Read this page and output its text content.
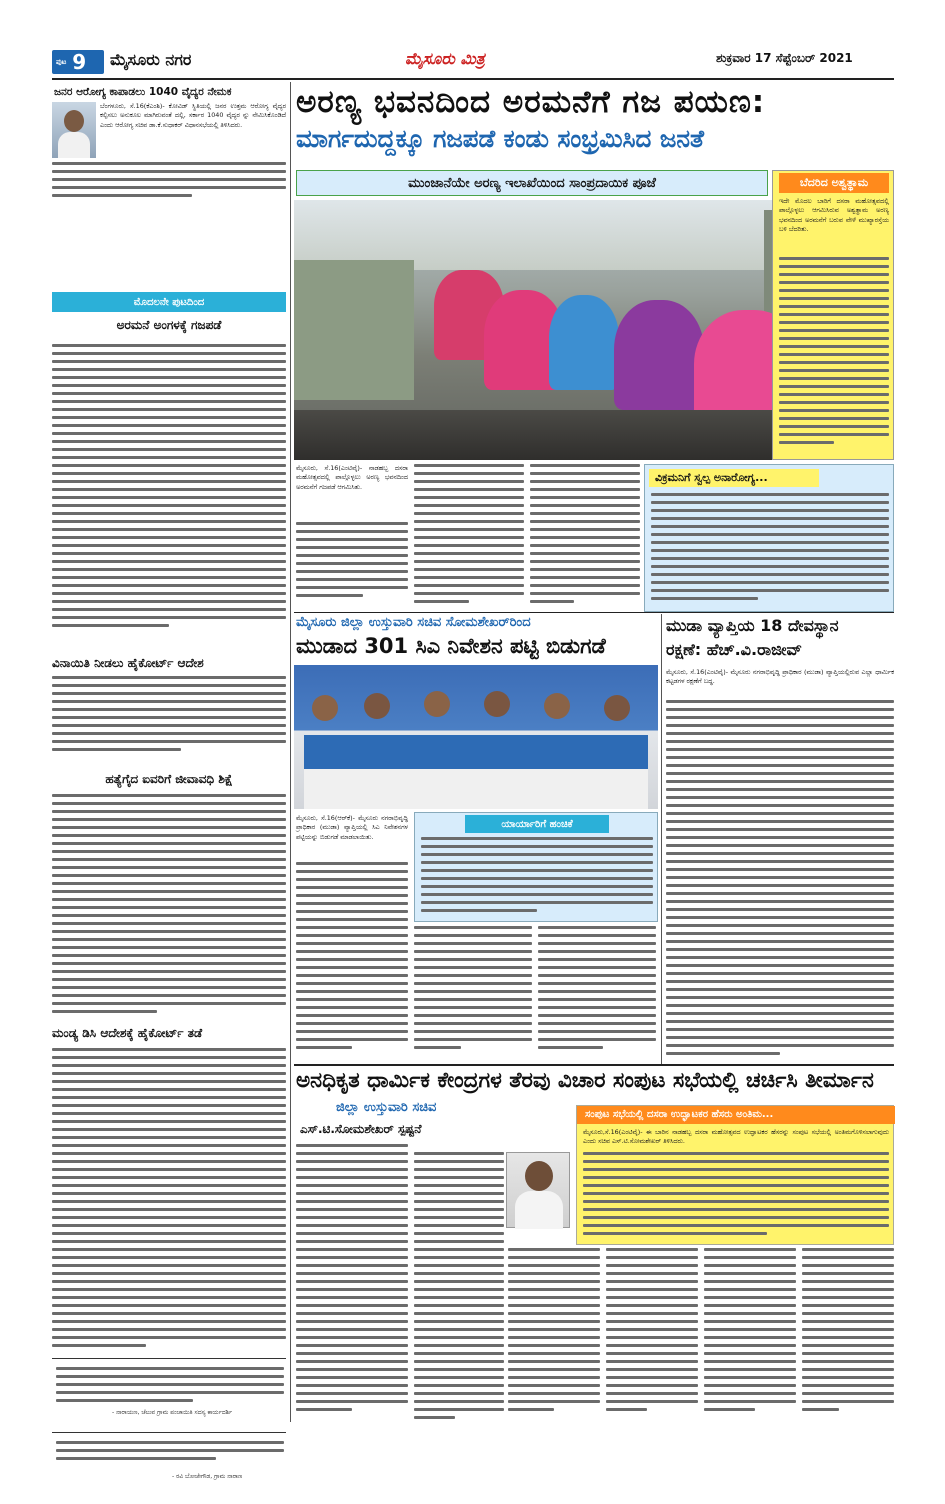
ಪುಟ 9 ಮೈಸೂರು ನಗರ	ಮೈಸೂರು ಮಿತ್ರ	ಶುಕ್ರವಾರ 17 ಸೆಪ್ಟೆಂಬರ್ 2021
ಜನರ ಆರೋಗ್ಯ ಕಾಪಾಡಲು 1040 ವೈದ್ಯರ ನೇಮಕ
ಬೆಂಗಳೂರು, ಸೆ.16(ಕೆಎಂಶಿ)- ಕೋವಿಡ್ ಸ್ಥಿತಿಯಲ್ಲಿ ಜನರ ಉತ್ತಮ ಆರೋಗ್ಯ ವೈದ್ಯರ ಕಲ್ಪಿಸಲು ಅನುಕೂಲ ಮಾಗಿರುವಂತೆ ದಲ್ಲಿ, ಸರ್ಕಾರ 1040 ವೈದ್ಯರ ನ್ನು ನೇಮಿಸಿಕೊಂಡಿದೆ ಎಂದು ಆರೋಗ್ಯ ಸಚಿವ ಡಾ.ಕೆ.ಸುಧಾಕರ್ ವಿಧಾನಸಭೆಯಲ್ಲಿ ತಿಳಿಸಿದರು.
ಮೊದಲನೇ ಪುಟದಿಂದ
ಅರಮನೆ ಅಂಗಳಕ್ಕೆ ಗಜಪಡೆ
ವಿನಾಯಿತಿ ನೀಡಲು ಹೈಕೋರ್ಟ್ ಆದೇಶ
ಹತ್ಯೆಗೈದ ಐವರಿಗೆ ಜೀವಾವಧಿ ಶಿಕ್ಷೆ
ಮಂಡ್ಯ ಡಿಸಿ ಆದೇಶಕ್ಕೆ ಹೈಕೋರ್ಟ್ ತಡೆ
- ನಾರಾಯಣ, ಚೆಲುವ ಗ್ರಾಮ ಪಂಚಾಯಿತಿ ಸದಸ್ಯ ಕಾರ್ಯದರ್ಶಿ
- ರವಿ ಬೋಜೇಗೌಡ, ಗ್ರಾಮ ನಾರಾಣ
ಅರಣ್ಯ ಭವನದಿಂದ ಅರಮನೆಗೆ ಗಜ ಪಯಣ:
ಮಾರ್ಗದುದ್ದಕ್ಕೂ ಗಜಪಡೆ ಕಂಡು ಸಂಭ್ರಮಿಸಿದ ಜನತೆ
ಮುಂಜಾನೆಯೇ ಅರಣ್ಯ ಇಲಾಖೆಯಿಂದ ಸಾಂಪ್ರದಾಯಿಕ ಪೂಜೆ
ಮೈಸೂರು, ಸೆ.16(ಎಂಟಿವೈ)- ನಾಡಹಬ್ಬ ದಸರಾ ಮಹೋತ್ಸವದಲ್ಲಿ ಪಾಲ್ಗೊಳ್ಳಲು ಅರಣ್ಯ ಭವನದಿಂದ ಅರಮನೆಗೆ ಗಜಪಡೆ ಆಗಮಿಸಿತು.
ಬೆದರಿದ ಅಶ್ವತ್ಥಾಮ
ಇದೇ ಮೊದಲ ಬಾರಿಗೆ ದಸರಾ ಮಹೋತ್ಸವದಲ್ಲಿ ಪಾಲ್ಗೊಳ್ಳಲು ಆಗಮಿಸಿರುವ ಅಶ್ವತ್ಥಾಮ ಅರಣ್ಯ ಭವನದಿಂದ ಅರಮನೆಗೆ ಬರುವ ವೇಳೆ ಮುಖ್ಯಾರಸ್ತೆಯ ಬಳಿ ಬೆದರಿತು.
ವಿಕ್ರಮನಿಗೆ ಸ್ವಲ್ಪ ಅನಾರೋಗ್ಯ...
ಮೈಸೂರು ಜಿಲ್ಲಾ ಉಸ್ತುವಾರಿ ಸಚಿವ ಸೋಮಶೇಖರ್‌ರಿಂದ
ಮುಡಾದ 301 ಸಿಎ ನಿವೇಶನ ಪಟ್ಟಿ ಬಿಡುಗಡೆ
ಮೈಸೂರು, ಸೆ.16(ಆರ್‌ಕೆ)- ಮೈಸೂರು ನಗರಾಭಿವೃದ್ಧಿ ಪ್ರಾಧಿಕಾರ (ಮುಡಾ) ವ್ಯಾಪ್ತಿಯಲ್ಲಿ ಸಿಎ ನಿವೇಶನಗಳ ಪಟ್ಟಿಯನ್ನು ಬಿಡುಗಡೆ ಮಾಡಲಾಯಿತು.
ಯಾರ್ಯಾರಿಗೆ ಹಂಚಿಕೆ
ಮುಡಾ ವ್ಯಾಪ್ತಿಯ 18 ದೇವಸ್ಥಾನ
ರಕ್ಷಣೆ: ಹೆಚ್.ವಿ.ರಾಜೀವ್
ಮೈಸೂರು, ಸೆ.16(ಎಂಟಿವೈ)- ಮೈಸೂರು ನಗರಾಭಿವೃದ್ಧಿ ಪ್ರಾಧಿಕಾರ (ಮುಡಾ) ವ್ಯಾಪ್ತಿಯಲ್ಲಿರುವ ಎಲ್ಲಾ ಧಾರ್ಮಿಕ ಕಟ್ಟಡಗಳ ರಕ್ಷಣೆಗೆ ಬದ್ಧ.
ಅನಧಿಕೃತ ಧಾರ್ಮಿಕ ಕೇಂದ್ರಗಳ ತೆರವು ವಿಚಾರ ಸಂಪುಟ ಸಭೆಯಲ್ಲಿ ಚರ್ಚಿಸಿ ತೀರ್ಮಾನ
ಜಿಲ್ಲಾ ಉಸ್ತುವಾರಿ ಸಚಿವ
ಎಸ್.ಟಿ.ಸೋಮಶೇಖರ್ ಸ್ಪಷ್ಟನೆ
ಸಂಪುಟ ಸಭೆಯಲ್ಲಿ ದಸರಾ ಉದ್ಘಾಟಕರ ಹೆಸರು ಅಂತಿಮ...
ಮೈಸೂರು,ಸೆ.16(ಎಂಟಿವೈ)- ಈ ಬಾರಿನ ನಾಡಹಬ್ಬ ದಸರಾ ಮಹೋತ್ಸವದ ಉದ್ಘಾಟಕರ ಹೆಸರನ್ನು ಸಂಪುಟ ಸಭೆಯಲ್ಲಿ ಅಂತಿಮಗೊಳಿಸಲಾಗುವುದು ಎಂದು ಸಚಿವ ಎಸ್.ಟಿ.ಸೋಮಶೇಖರ್ ತಿಳಿಸಿದರು.
